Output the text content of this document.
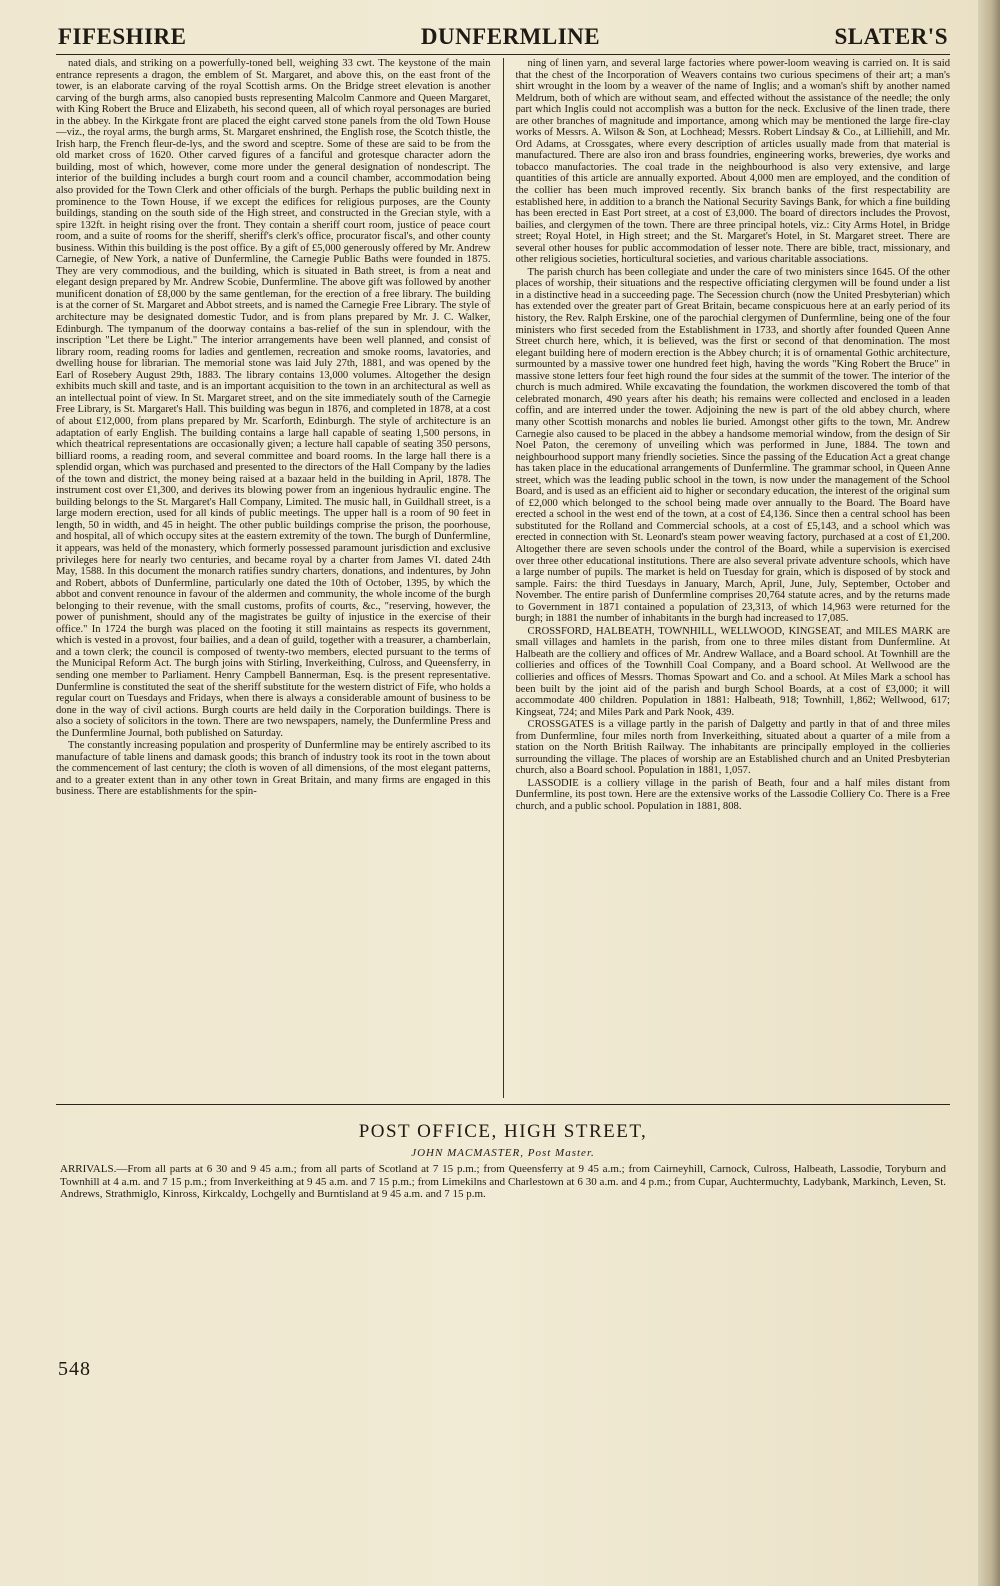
FIFESHIRE	DUNFERMLINE	SLATER'S

nated dials, and striking on a powerfully-toned bell, weighing 33 cwt. The keystone of the main entrance represents a dragon, the emblem of St. Margaret, and above this, on the east front of the tower, is an elaborate carving of the royal Scottish arms. On the Bridge street elevation is another carving of the burgh arms, also canopied busts representing Malcolm Canmore and Queen Margaret, with King Robert the Bruce and Elizabeth, his second queen, all of which royal personages are buried in the abbey. In the Kirkgate front are placed the eight carved stone panels from the old Town House—viz., the royal arms, the burgh arms, St. Margaret enshrined, the English rose, the Scotch thistle, the Irish harp, the French fleur-de-lys, and the sword and sceptre. Some of these are said to be from the old market cross of 1620. Other carved figures of a fanciful and grotesque character adorn the building, most of which, however, come more under the general designation of nondescript. The interior of the building includes a burgh court room and a council chamber, accommodation being also provided for the Town Clerk and other officials of the burgh. Perhaps the public building next in prominence to the Town House, if we except the edifices for religious purposes, are the County buildings, standing on the south side of the High street, and constructed in the Grecian style, with a spire 132ft. in height rising over the front. They contain a sheriff court room, justice of peace court room, and a suite of rooms for the sheriff, sheriff's clerk's office, procurator fiscal's, and other county business. Within this building is the post office. By a gift of £5,000 generously offered by Mr. Andrew Carnegie, of New York, a native of Dunfermline, the Carnegie Public Baths were founded in 1875. They are very commodious, and the building, which is situated in Bath street, is from a neat and elegant design prepared by Mr. Andrew Scobie, Dunfermline. The above gift was followed by another munificent donation of £8,000 by the same gentleman, for the erection of a free library. The building is at the corner of St. Margaret and Abbot streets, and is named the Carnegie Free Library. The style of architecture may be designated domestic Tudor, and is from plans prepared by Mr. J. C. Walker, Edinburgh. The tympanum of the doorway contains a bas-relief of the sun in splendour, with the inscription "Let there be Light." The interior arrangements have been well planned, and consist of library room, reading rooms for ladies and gentlemen, recreation and smoke rooms, lavatories, and dwelling house for librarian. The memorial stone was laid July 27th, 1881, and was opened by the Earl of Rosebery August 29th, 1883. The library contains 13,000 volumes. Altogether the design exhibits much skill and taste, and is an important acquisition to the town in an architectural as well as an intellectual point of view. In St. Margaret street, and on the site immediately south of the Carnegie Free Library, is St. Margaret's Hall. This building was begun in 1876, and completed in 1878, at a cost of about £12,000, from plans prepared by Mr. Scarforth, Edinburgh. The style of architecture is an adaptation of early English. The building contains a large hall capable of seating 1,500 persons, in which theatrical representations are occasionally given; a lecture hall capable of seating 350 persons, billiard rooms, a reading room, and several committee and board rooms. In the large hall there is a splendid organ, which was purchased and presented to the directors of the Hall Company by the ladies of the town and district, the money being raised at a bazaar held in the building in April, 1878. The instrument cost over £1,300, and derives its blowing power from an ingenious hydraulic engine. The building belongs to the St. Margaret's Hall Company, Limited. The music hall, in Guildhall street, is a large modern erection, used for all kinds of public meetings. The upper hall is a room of 90 feet in length, 50 in width, and 45 in height. The other public buildings comprise the prison, the poorhouse, and hospital, all of which occupy sites at the eastern extremity of the town. The burgh of Dunfermline, it appears, was held of the monastery, which formerly possessed paramount jurisdiction and exclusive privileges here for nearly two centuries, and became royal by a charter from James VI. dated 24th May, 1588. In this document the monarch ratifies sundry charters, donations, and indentures, by John and Robert, abbots of Dunfermline, particularly one dated the 10th of October, 1395, by which the abbot and convent renounce in favour of the aldermen and community, the whole income of the burgh belonging to their revenue, with the small customs, profits of courts, &c., "reserving, however, the power of punishment, should any of the magistrates be guilty of injustice in the exercise of their office." In 1724 the burgh was placed on the footing it still maintains as respects its government, which is vested in a provost, four bailies, and a dean of guild, together with a treasurer, a chamberlain, and a town clerk; the council is composed of twenty-two members, elected pursuant to the terms of the Municipal Reform Act. The burgh joins with Stirling, Inverkeithing, Culross, and Queensferry, in sending one member to Parliament. Henry Campbell Bannerman, Esq. is the present representative. Dunfermline is constituted the seat of the sheriff substitute for the western district of Fife, who holds a regular court on Tuesdays and Fridays, when there is always a considerable amount of business to be done in the way of civil actions. Burgh courts are held daily in the Corporation buildings. There is also a society of solicitors in the town. There are two newspapers, namely, the Dunfermline Press and the Dunfermline Journal, both published on Saturday.

The constantly increasing population and prosperity of Dunfermline may be entirely ascribed to its manufacture of table linens and damask goods; this branch of industry took its root in the town about the commencement of last century; the cloth is woven of all dimensions, of the most elegant patterns, and to a greater extent than in any other town in Great Britain, and many firms are engaged in this business. There are establishments for the spin-

ning of linen yarn, and several large factories where power-loom weaving is carried on. It is said that the chest of the Incorporation of Weavers contains two curious specimens of their art; a man's shirt wrought in the loom by a weaver of the name of Inglis; and a woman's shift by another named Meldrum, both of which are without seam, and effected without the assistance of the needle; the only part which Inglis could not accomplish was a button for the neck. Exclusive of the linen trade, there are other branches of magnitude and importance, among which may be mentioned the large fire-clay works of Messrs. A. Wilson & Son, at Lochhead; Messrs. Robert Lindsay & Co., at Lilliehill, and Mr. Ord Adams, at Crossgates, where every description of articles usually made from that material is manufactured. There are also iron and brass foundries, engineering works, breweries, dye works and tobacco manufactories. The coal trade in the neighbourhood is also very extensive, and large quantities of this article are annually exported. About 4,000 men are employed, and the condition of the collier has been much improved recently. Six branch banks of the first respectability are established here, in addition to a branch the National Security Savings Bank, for which a fine building has been erected in East Port street, at a cost of £3,000. The board of directors includes the Provost, bailies, and clergymen of the town. There are three principal hotels, viz.: City Arms Hotel, in Bridge street; Royal Hotel, in High street; and the St. Margaret's Hotel, in St. Margaret street. There are several other houses for public accommodation of lesser note. There are bible, tract, missionary, and other religious societies, horticultural societies, and various charitable associations.

The parish church has been collegiate and under the care of two ministers since 1645. Of the other places of worship, their situations and the respective officiating clergymen will be found under a list in a distinctive head in a succeeding page. The Secession church (now the United Presbyterian) which has extended over the greater part of Great Britain, became conspicuous here at an early period of its history, the Rev. Ralph Erskine, one of the parochial clergymen of Dunfermline, being one of the four ministers who first seceded from the Establishment in 1733, and shortly after founded Queen Anne Street church here, which, it is believed, was the first or second of that denomination. The most elegant building here of modern erection is the Abbey church; it is of ornamental Gothic architecture, surmounted by a massive tower one hundred feet high, having the words "King Robert the Bruce" in massive stone letters four feet high round the four sides at the summit of the tower. The interior of the church is much admired. While excavating the foundation, the workmen discovered the tomb of that celebrated monarch, 490 years after his death; his remains were collected and enclosed in a leaden coffin, and are interred under the tower. Adjoining the new is part of the old abbey church, where many other Scottish monarchs and nobles lie buried. Amongst other gifts to the town, Mr. Andrew Carnegie also caused to be placed in the abbey a handsome memorial window, from the design of Sir Noel Paton, the ceremony of unveiling which was performed in June, 1884. The town and neighbourhood support many friendly societies. Since the passing of the Education Act a great change has taken place in the educational arrangements of Dunfermline. The grammar school, in Queen Anne street, which was the leading public school in the town, is now under the management of the School Board, and is used as an efficient aid to higher or secondary education, the interest of the original sum of £2,000 which belonged to the school being made over annually to the Board. The Board have erected a school in the west end of the town, at a cost of £4,136. Since then a central school has been substituted for the Rolland and Commercial schools, at a cost of £5,143, and a school which was erected in connection with St. Leonard's steam power weaving factory, purchased at a cost of £1,200. Altogether there are seven schools under the control of the Board, while a supervision is exercised over three other educational institutions. There are also several private adventure schools, which have a large number of pupils. The market is held on Tuesday for grain, which is disposed of by stock and sample. Fairs: the third Tuesdays in January, March, April, June, July, September, October and November. The entire parish of Dunfermline comprises 20,764 statute acres, and by the returns made to Government in 1871 contained a population of 23,313, of which 14,963 were returned for the burgh; in 1881 the number of inhabitants in the burgh had increased to 17,085.

CROSSFORD, HALBEATH, TOWNHILL, WELLWOOD, KINGSEAT, and MILES MARK are small villages and hamlets in the parish, from one to three miles distant from Dunfermline. At Halbeath are the colliery and offices of Mr. Andrew Wallace, and a Board school. At Townhill are the collieries and offices of the Townhill Coal Company, and a Board school. At Wellwood are the collieries and offices of Messrs. Thomas Spowart and Co. and a school. At Miles Mark a school has been built by the joint aid of the parish and burgh School Boards, at a cost of £3,000; it will accommodate 400 children. Population in 1881: Halbeath, 918; Townhill, 1,862; Wellwood, 617; Kingseat, 724; and Miles Park and Park Nook, 439.

CROSSGATES is a village partly in the parish of Dalgetty and partly in that of and three miles from Dunfermline, four miles north from Inverkeithing, situated about a quarter of a mile from a station on the North British Railway. The inhabitants are principally employed in the collieries surrounding the village. The places of worship are an Established church and an United Presbyterian church, also a Board school. Population in 1881, 1,057.

LASSODIE is a colliery village in the parish of Beath, four and a half miles distant from Dunfermline, its post town. Here are the extensive works of the Lassodie Colliery Co. There is a Free church, and a public school. Population in 1881, 808.

POST OFFICE, HIGH STREET,
JOHN MACMASTER, Post Master.
ARRIVALS.—From all parts at 6 30 and 9 45 a.m.; from all parts of Scotland at 7 15 p.m.; from Queensferry at 9 45 a.m.; from Cairneyhill, Carnock, Culross, Halbeath, Lassodie, Toryburn and Townhill at 4 a.m. and 7 15 p.m.; from Inverkeithing at 9 45 a.m. and 7 15 p.m.; from Limekilns and Charlestown at 6 30 a.m. and 4 p.m.; from Cupar, Auchtermuchty, Ladybank, Markinch, Leven, St. Andrews, Strathmiglo, Kinross, Kirkcaldy, Lochgelly and Burntisland at 9 45 a.m. and 7 15 p.m.
548
